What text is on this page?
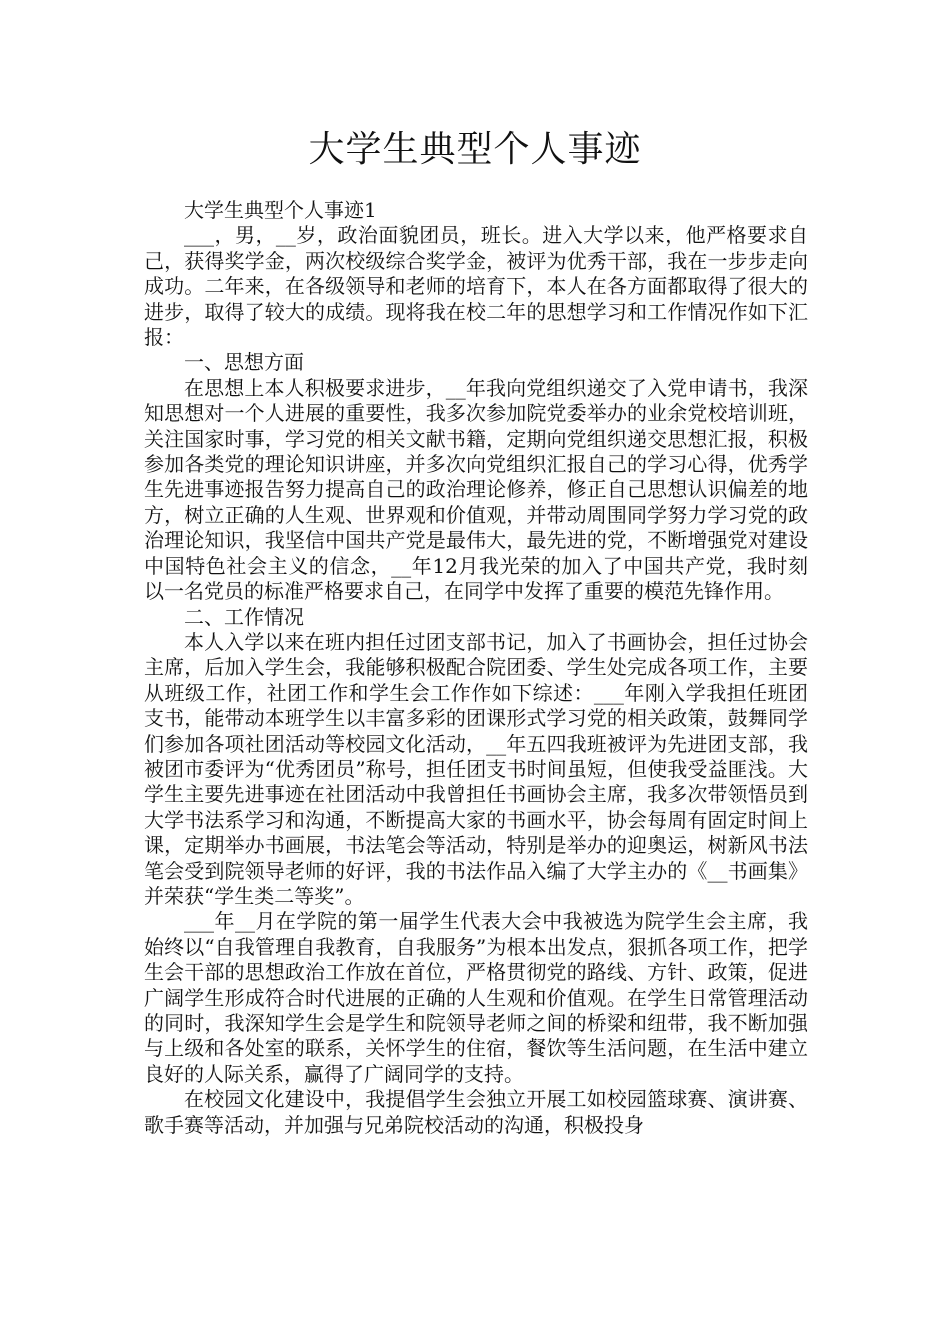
大学生典型个人事迹

大学生典型个人事迹1

___，男，__岁，政治面貌团员，班长。进入大学以来，他严格要求自己，获得奖学金，两次校级综合奖学金，被评为优秀干部，我在一步步走向成功。二年来，在各级领导和老师的培育下，本人在各方面都取得了很大的进步，取得了较大的成绩。现将我在校二年的思想学习和工作情况作如下汇报：

一、思想方面

在思想上本人积极要求进步，__年我向党组织递交了入党申请书，我深知思想对一个人进展的重要性，我多次参加院党委举办的业余党校培训班，关注国家时事，学习党的相关文献书籍，定期向党组织递交思想汇报，积极参加各类党的理论知识讲座，并多次向党组织汇报自己的学习心得，优秀学生先进事迹报告努力提高自己的政治理论修养，修正自己思想认识偏差的地方，树立正确的人生观、世界观和价值观，并带动周围同学努力学习党的政治理论知识，我坚信中国共产党是最伟大，最先进的党，不断增强党对建设中国特色社会主义的信念，__年12月我光荣的加入了中国共产党，我时刻以一名党员的标准严格要求自己，在同学中发挥了重要的模范先锋作用。

二、工作情况

本人入学以来在班内担任过团支部书记，加入了书画协会，担任过协会主席，后加入学生会，我能够积极配合院团委、学生处完成各项工作，主要从班级工作，社团工作和学生会工作作如下综述：___年刚入学我担任班团支书，能带动本班学生以丰富多彩的团课形式学习党的相关政策，鼓舞同学们参加各项社团活动等校园文化活动，__年五四我班被评为先进团支部，我被团市委评为“优秀团员”称号，担任团支书时间虽短，但使我受益匪浅。大学生主要先进事迹在社团活动中我曾担任书画协会主席，我多次带领悟员到大学书法系学习和沟通，不断提高大家的书画水平，协会每周有固定时间上课，定期举办书画展，书法笔会等活动，特别是举办的迎奥运，树新风书法笔会受到院领导老师的好评，我的书法作品入编了大学主办的《__书画集》并荣获“学生类二等奖”。

___年__月在学院的第一届学生代表大会中我被选为院学生会主席，我始终以“自我管理自我教育，自我服务”为根本出发点，狠抓各项工作，把学生会干部的思想政治工作放在首位，严格贯彻党的路线、方针、政策，促进广阔学生形成符合时代进展的正确的人生观和价值观。在学生日常管理活动的同时，我深知学生会是学生和院领导老师之间的桥梁和纽带，我不断加强与上级和各处室的联系，关怀学生的住宿，餐饮等生活问题，在生活中建立良好的人际关系，赢得了广阔同学的支持。

在校园文化建设中，我提倡学生会独立开展工如校园篮球赛、演讲赛、歌手赛等活动，并加强与兄弟院校活动的沟通，积极投身
